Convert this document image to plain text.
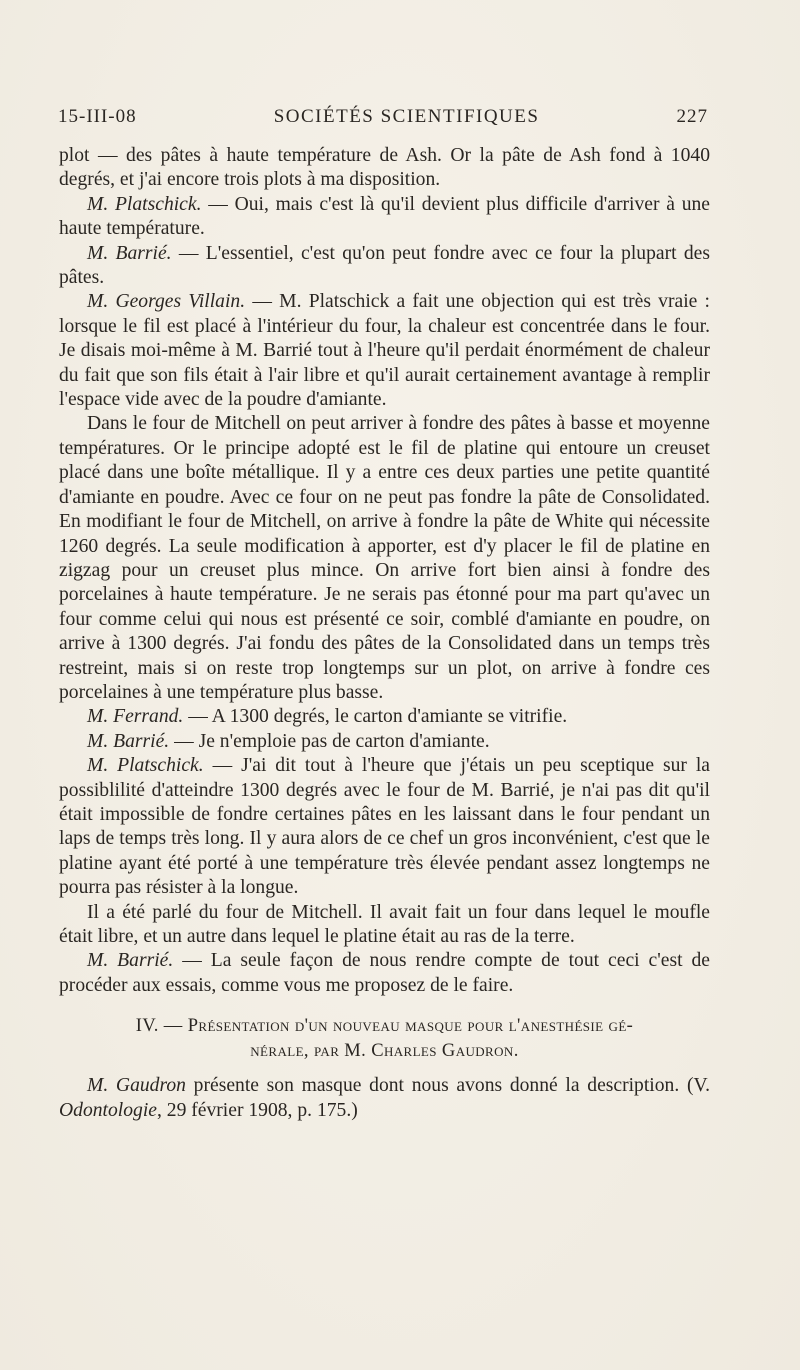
15-III-08	SOCIÉTÉS SCIENTIFIQUES	227

plot — des pâtes à haute température de Ash. Or la pâte de Ash fond à 1040 degrés, et j'ai encore trois plots à ma disposition.

M. Platschick. — Oui, mais c'est là qu'il devient plus difficile d'arriver à une haute température.

M. Barrié. — L'essentiel, c'est qu'on peut fondre avec ce four la plupart des pâtes.

M. Georges Villain. — M. Platschick a fait une objection qui est très vraie : lorsque le fil est placé à l'intérieur du four, la chaleur est concentrée dans le four. Je disais moi-même à M. Barrié tout à l'heure qu'il perdait énormément de chaleur du fait que son fils était à l'air libre et qu'il aurait certainement avantage à remplir l'espace vide avec de la poudre d'amiante.

Dans le four de Mitchell on peut arriver à fondre des pâtes à basse et moyenne températures. Or le principe adopté est le fil de platine qui entoure un creuset placé dans une boîte métallique. Il y a entre ces deux parties une petite quantité d'amiante en poudre. Avec ce four on ne peut pas fondre la pâte de Consolidated. En modifiant le four de Mitchell, on arrive à fondre la pâte de White qui nécessite 1260 degrés. La seule modification à apporter, est d'y placer le fil de platine en zigzag pour un creuset plus mince. On arrive fort bien ainsi à fondre des porcelaines à haute température. Je ne serais pas étonné pour ma part qu'avec un four comme celui qui nous est présenté ce soir, comblé d'amiante en poudre, on arrive à 1300 degrés. J'ai fondu des pâtes de la Consolidated dans un temps très restreint, mais si on reste trop longtemps sur un plot, on arrive à fondre ces porcelaines à une température plus basse.

M. Ferrand. — A 1300 degrés, le carton d'amiante se vitrifie.

M. Barrié. — Je n'emploie pas de carton d'amiante.

M. Platschick. — J'ai dit tout à l'heure que j'étais un peu sceptique sur la possiblilité d'atteindre 1300 degrés avec le four de M. Barrié, je n'ai pas dit qu'il était impossible de fondre certaines pâtes en les laissant dans le four pendant un laps de temps très long. Il y aura alors de ce chef un gros inconvénient, c'est que le platine ayant été porté à une température très élevée pendant assez longtemps ne pourra pas résister à la longue.

Il a été parlé du four de Mitchell. Il avait fait un four dans lequel le moufle était libre, et un autre dans lequel le platine était au ras de la terre.

M. Barrié. — La seule façon de nous rendre compte de tout ceci c'est de procéder aux essais, comme vous me proposez de le faire.

IV. — Présentation d'un nouveau masque pour l'anesthésie gé-
nérale, par M. Charles Gaudron.

M. Gaudron présente son masque dont nous avons donné la description. (V. Odontologie, 29 février 1908, p. 175.)
